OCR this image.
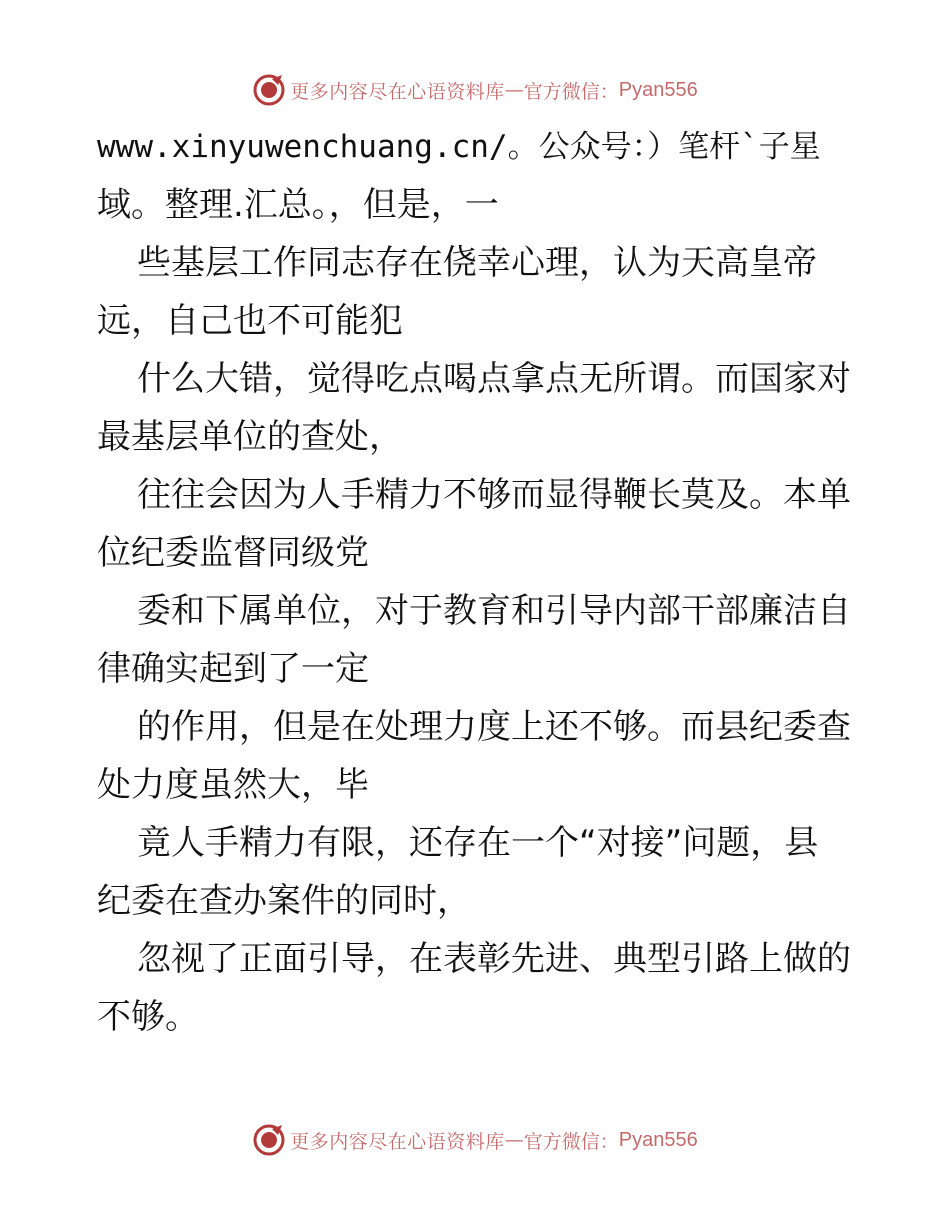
更多内容尽在心语资料库 — 官方微信： Pyan556
www.xinyuwenchuang.cn/。公众号：）笔杆`子星
域。整理.汇总。，但是，一
些基层工作同志存在侥幸心理，认为天高皇帝
远，自己也不可能犯
什么大错，觉得吃点喝点拿点无所谓。而国家对
最基层单位的查处，
往往会因为人手精力不够而显得鞭长莫及。本单
位纪委监督同级党
委和下属单位，对于教育和引导内部干部廉洁自
律确实起到了一定
的作用，但是在处理力度上还不够。而县纪委查
处力度虽然大，毕
竟人手精力有限，还存在一个“对接”问题，县
纪委在查办案件的同时，
忽视了正面引导，在表彰先进、典型引路上做的
不够。
更多内容尽在心语资料库 — 官方微信： Pyan556
